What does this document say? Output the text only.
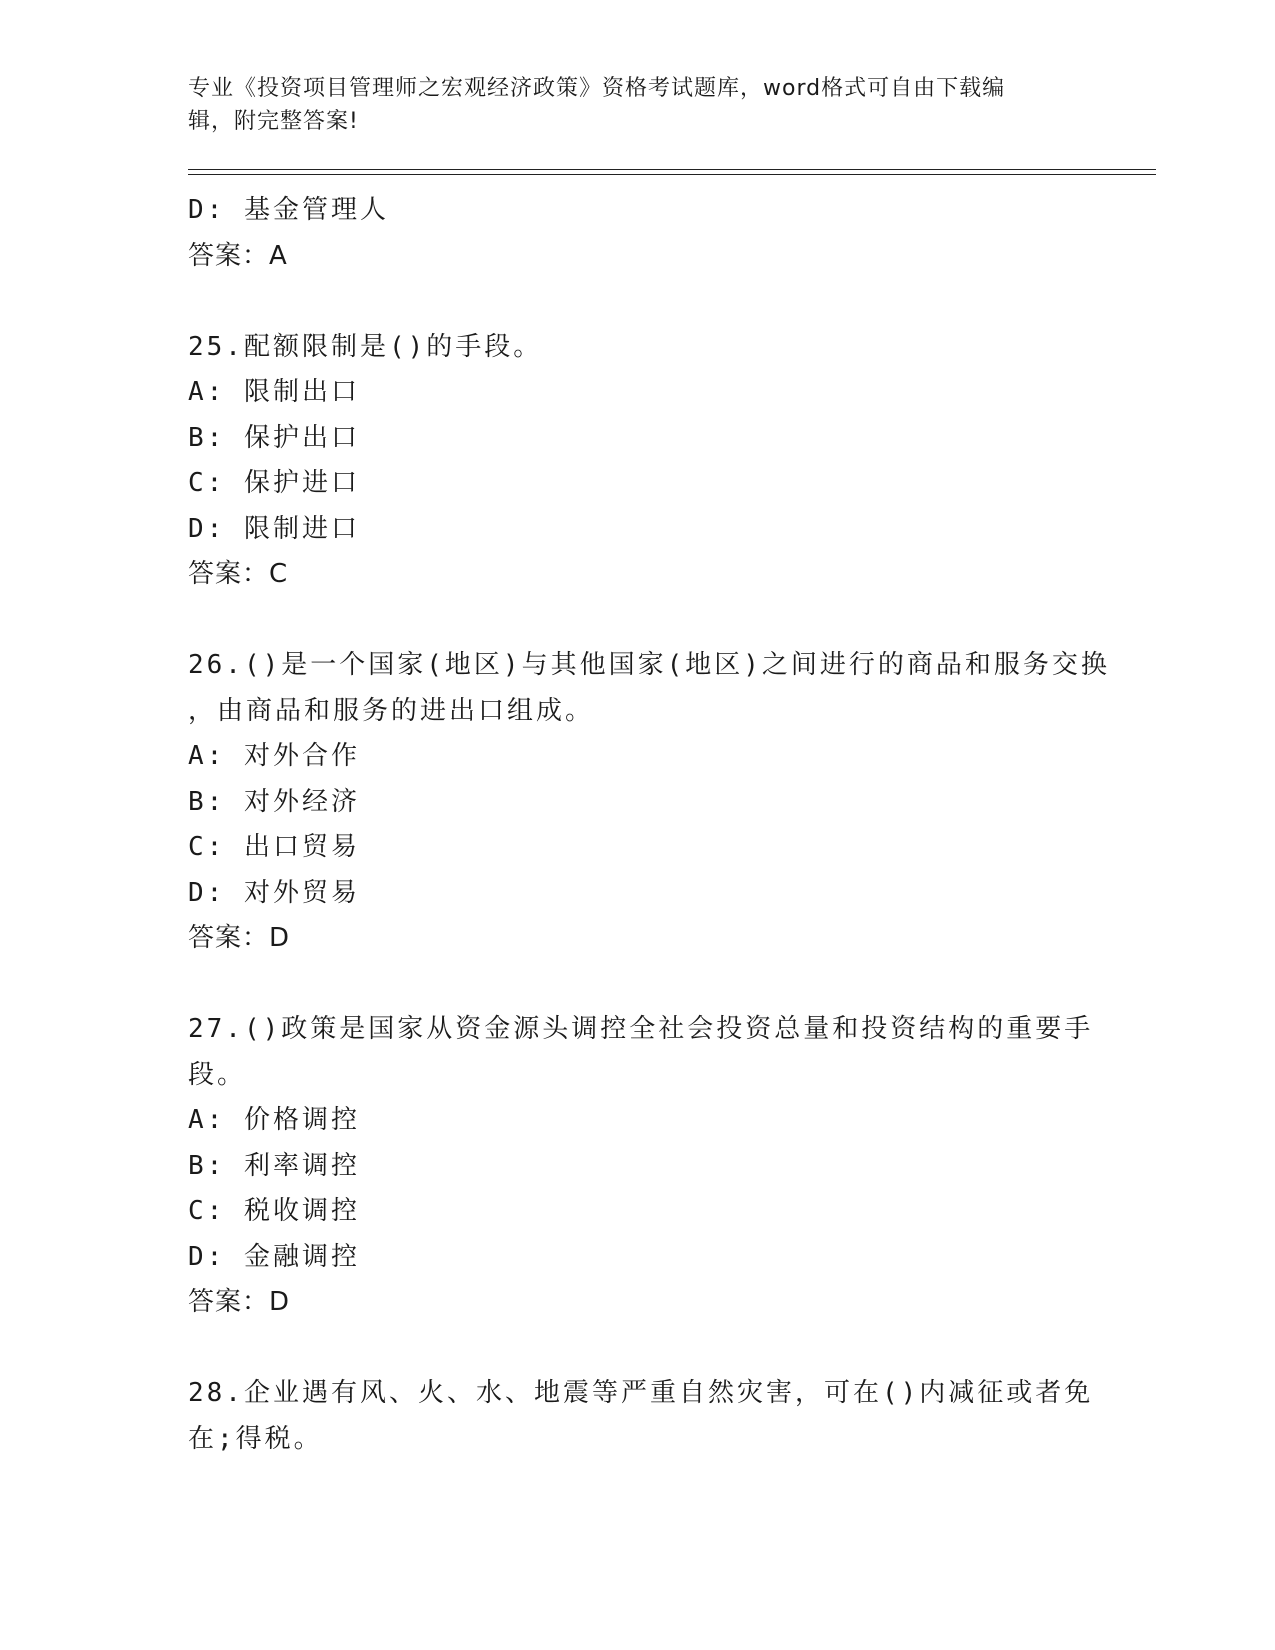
专业《投资项目管理师之宏观经济政策》资格考试题库，word格式可自由下载编
辑，附完整答案!
D: 基金管理人
答案：A
25.配额限制是()的手段。
A: 限制出口
B: 保护出口
C: 保护进口
D: 限制进口
答案：C
26.()是一个国家(地区)与其他国家(地区)之间进行的商品和服务交换
，由商品和服务的进出口组成。
A: 对外合作
B: 对外经济
C: 出口贸易
D: 对外贸易
答案：D
27.()政策是国家从资金源头调控全社会投资总量和投资结构的重要手
段。
A: 价格调控
B: 利率调控
C: 税收调控
D: 金融调控
答案：D
28.企业遇有风、火、水、地震等严重自然灾害，可在()内减征或者免
在;得税。
